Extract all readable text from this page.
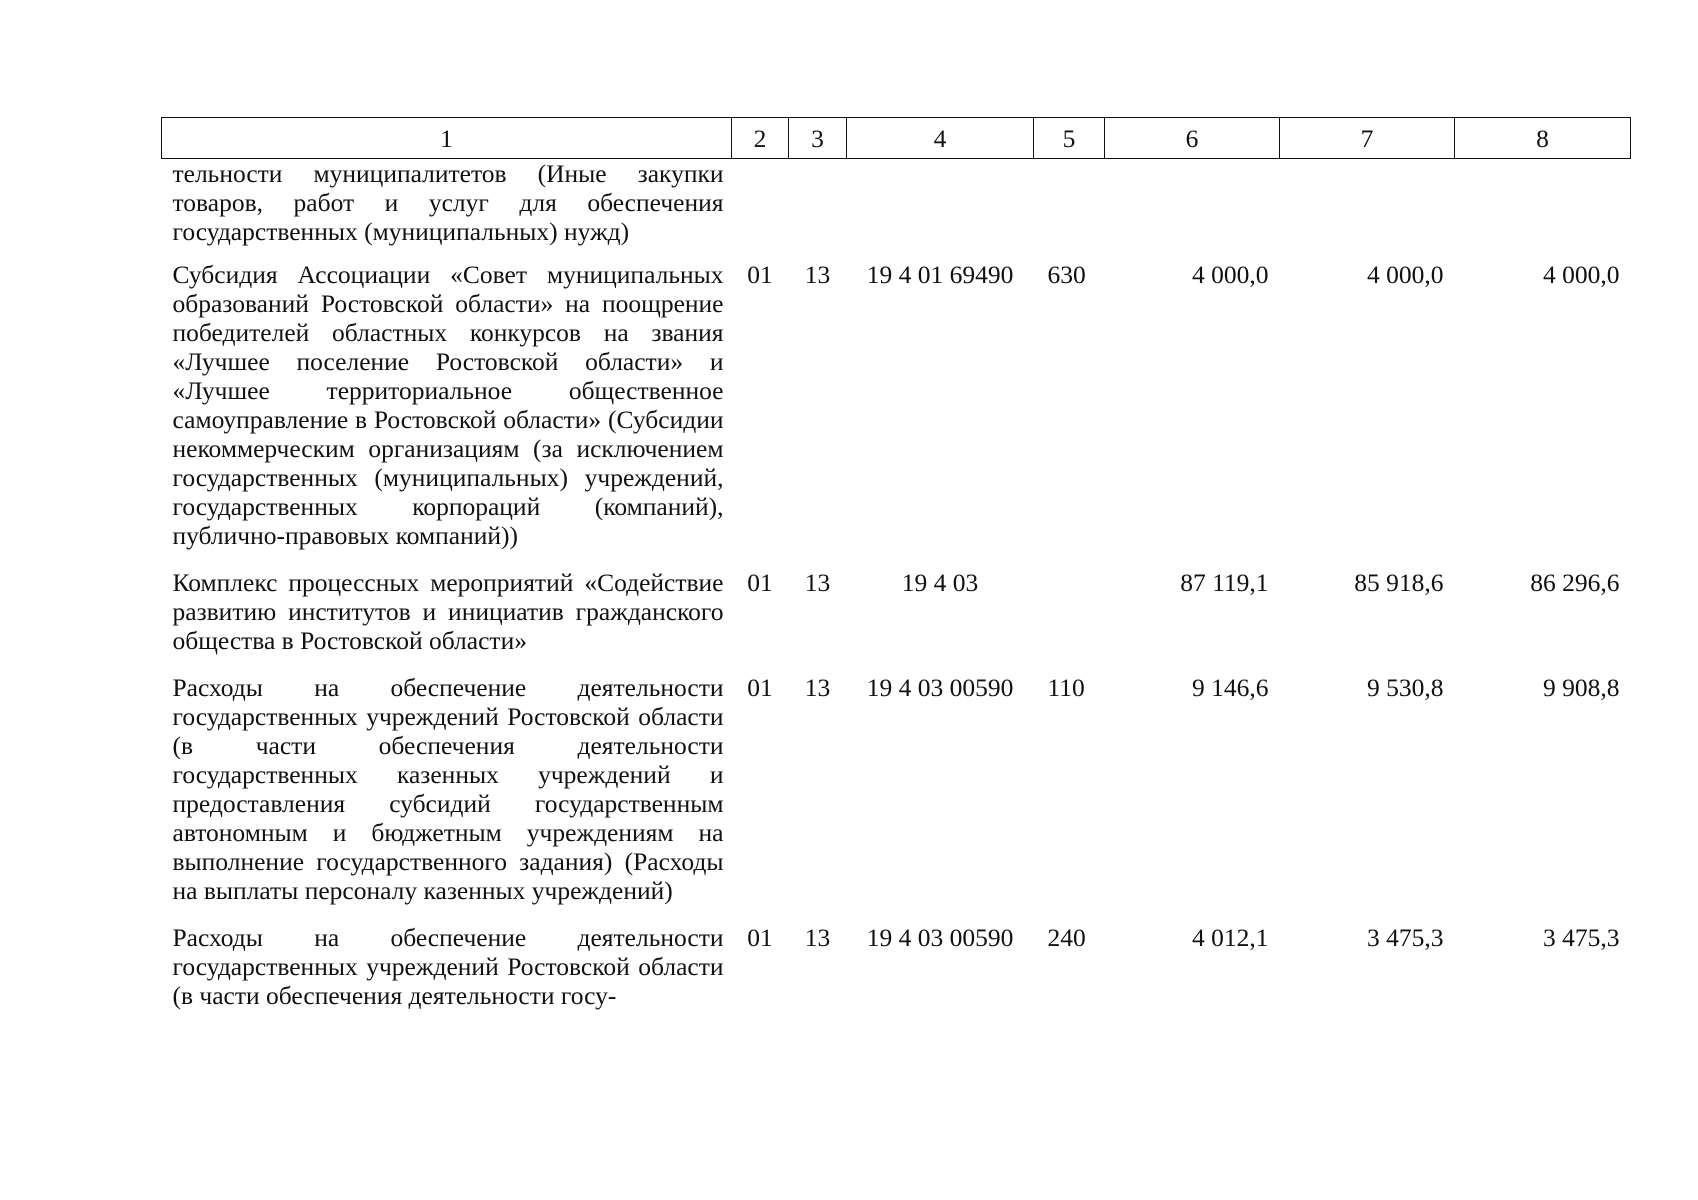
1	2	3	4	5	6	7	8

тельности муниципалитетов (Иные закупки товаров, работ и услуг для обеспечения государственных (муниципальных) нужд)							

Субсидия Ассоциации «Совет муниципальных образований Ростовской области» на поощрение победителей областных конкурсов на звания «Лучшее поселение Ростовской области» и «Лучшее территориальное общественное самоуправление в Ростовской области» (Субсидии некоммерческим организациям (за исключением государственных (муниципальных) учреждений, государственных корпораций (компаний), публично-правовых компаний))	01	13	19 4 01 69490	630	4 000,0	4 000,0	4 000,0

Комплекс процессных мероприятий «Содействие развитию институтов и инициатив гражданского общества в Ростовской области»	01	13	19 4 03		87 119,1	85 918,6	86 296,6

Расходы на обеспечение деятельности государственных учреждений Ростовской области (в части обеспечения деятельности государственных казенных учреждений и предоставления субсидий государственным автономным и бюджетным учреждениям на выполнение государственного задания) (Расходы на выплаты персоналу казенных учреждений)	01	13	19 4 03 00590	110	9 146,6	9 530,8	9 908,8

Расходы на обеспечение деятельности государственных учреждений Ростовской области (в части обеспечения деятельности госу-	01	13	19 4 03 00590	240	4 012,1	3 475,3	3 475,3
